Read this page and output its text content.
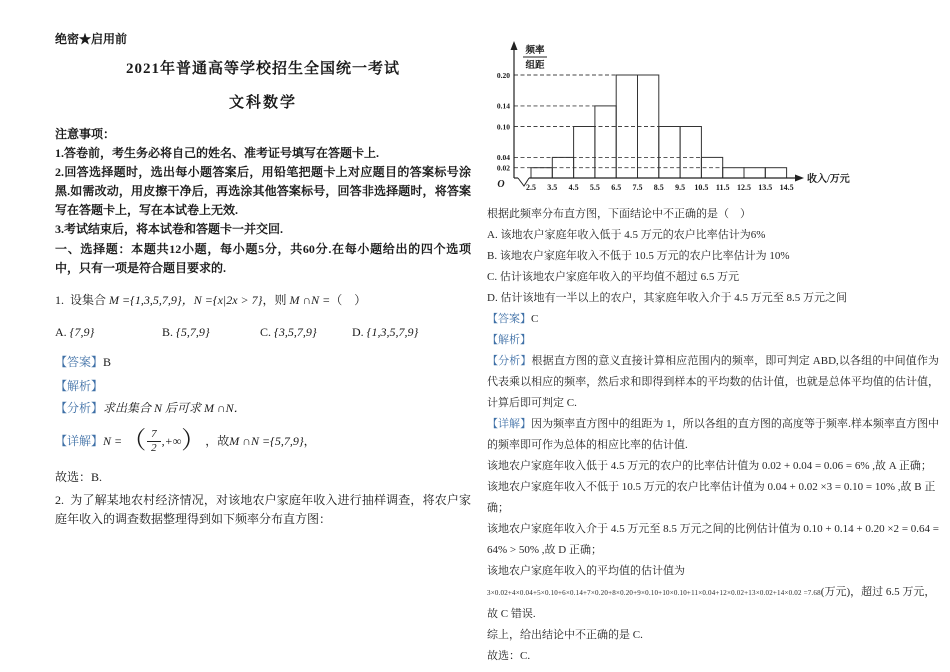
绝密★启用前
2021年普通高等学校招生全国统一考试
文科数学
注意事项：
1.答卷前，考生务必将自己的姓名、准考证号填写在答题卡上.
2.回答选择题时，选出每小题答案后，用铅笔把题卡上对应题目的答案标号涂黑.如需改动，用皮擦干净后，再选涂其他答案标号，回答非选择题时，将答案写在答题卡上，写在本试卷上无效.
3.考试结束后，将本试卷和答题卡一并交回.
一、选择题：本题共12小题，每小题5分，共60分.在每小题给出的四个选项中，只有一项是符合题目要求的.
1. 设集合 M ={1,3,5,7,9}，N ={x|2x > 7}，则 M ∩N =（　）
A. {7,9}	B. {5,7,9}	C. {3,5,7,9}	D. {1,3,5,7,9}
【答案】B
【解析】
【分析】求出集合 N 后可求 M ∩N．
【详解】 N = （ $\frac{7}{2}$ ,+∞ ） ，故 M ∩N ={5,7,9} ，
故选：B.
2. 为了解某地农村经济情况，对该地农户家庭年收入进行抽样调查，将农户家庭年收入的调查数据整理得到如下频率分布直方图：
0.02
0.04
0.10
0.14
0.20
2.5 3.5 4.5 5.5 6.5 7.5 8.5 9.5 10.5 11.5 12.5 13.5 14.5
收入/万元
频率
组距
O
根据此频率分布直方图，下面结论中不正确的是（　）
A. 该地农户家庭年收入低于 4.5 万元的农户比率估计为6%
B. 该地农户家庭年收入不低于 10.5 万元的农户比率估计为 10%
C. 估计该地农户家庭年收入的平均值不超过 6.5 万元
D. 估计该地有一半以上的农户，其家庭年收入介于 4.5 万元至 8.5 万元之间
【答案】C
【解析】
【分析】根据直方图的意义直接计算相应范围内的频率，即可判定 ABD,以各组的中间值作为代表乘以相应的频率，然后求和即得到样本的平均数的估计值，也就是总体平均值的估计值，计算后即可判定 C.
【详解】因为频率直方图中的组距为 1，所以各组的直方图的高度等于频率.样本频率直方图中的频率即可作为总体的相应比率的估计值.
该地农户家庭年收入低于 4.5 万元的农户的比率估计值为 0.02 + 0.04 = 0.06 = 6% ,故 A 正确；
该地农户家庭年收入不低于 10.5 万元的农户比率估计值为 0.04 + 0.02 ×3 = 0.10 = 10% ,故 B 正确；
该地农户家庭年收入介于 4.5 万元至 8.5 万元之间的比例估计值为 0.10 + 0.14 + 0.20 ×2 = 0.64 = 64% > 50% ,故 D 正确；
该地农户家庭年收入的平均值的估计值为
3×0.02+4×0.04+5×0.10+6×0.14+7×0.20+8×0.20+9×0.10+10×0.10+11×0.04+12×0.02+13×0.02+14×0.02 =7.68(万元)，超过 6.5 万元，故 C 错误.
综上，给出结论中不正确的是 C.
故选：C.
